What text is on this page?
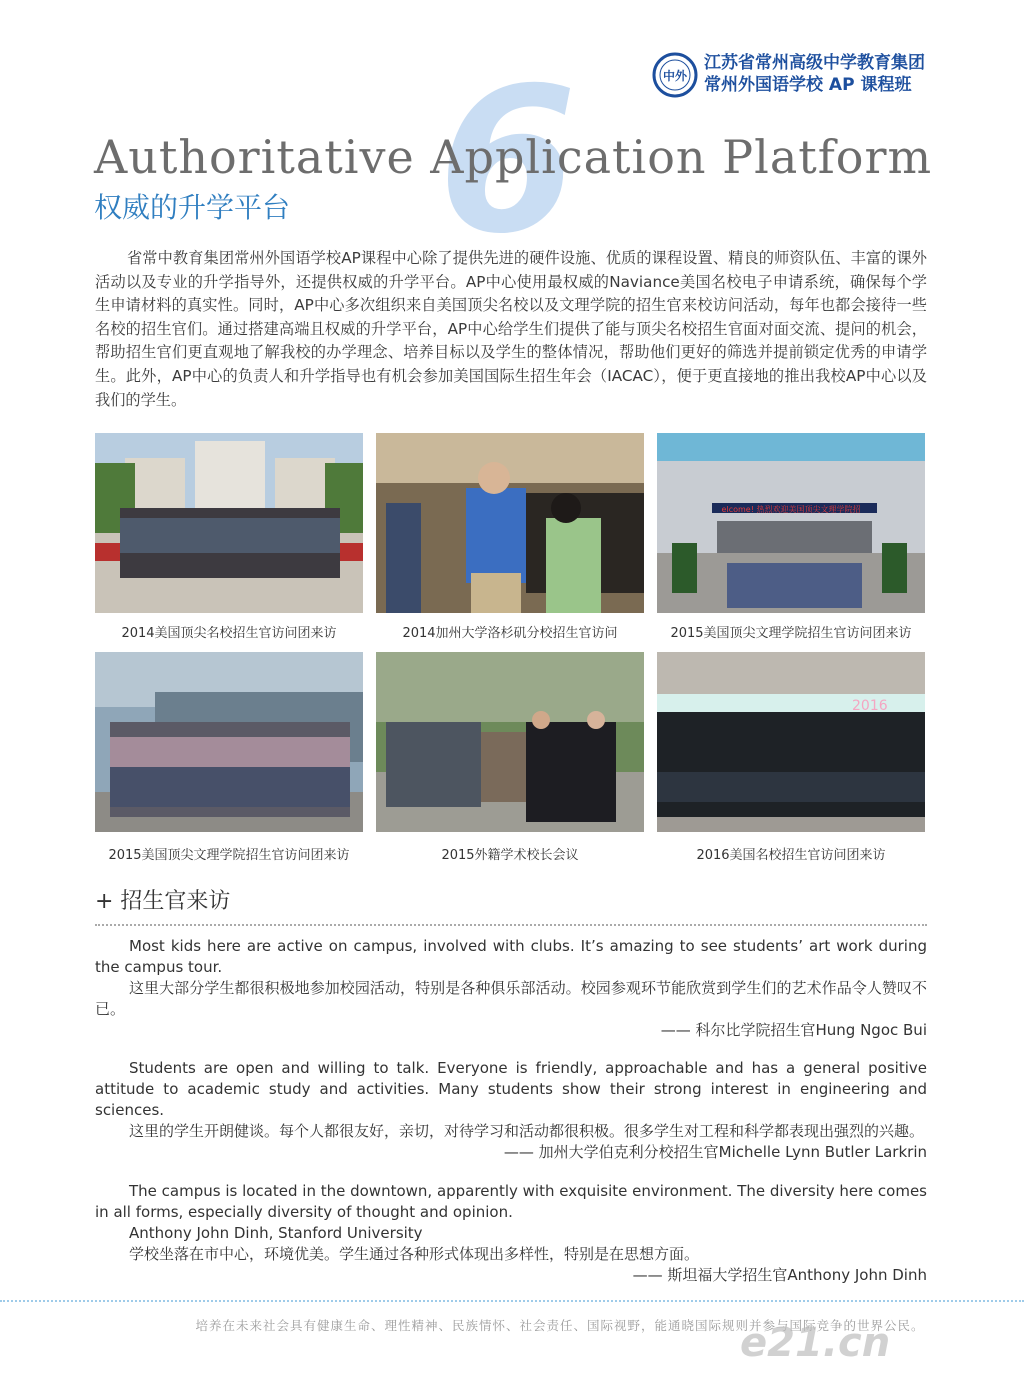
中外
江苏省常州高级中学教育集团
常州外国语学校 AP 课程班
6
Authoritative Application Platform
权威的升学平台

省常中教育集团常州外国语学校AP课程中心除了提供先进的硬件设施、优质的课程设置、精良的师资队伍、丰富的课外活动以及专业的升学指导外，还提供权威的升学平台。AP中心使用最权威的Naviance美国名校电子申请系统，确保每个学生申请材料的真实性。同时，AP中心多次组织来自美国顶尖名校以及文理学院的招生官来校访问活动，每年也都会接待一些名校的招生官们。通过搭建高端且权威的升学平台，AP中心给学生们提供了能与顶尖名校招生官面对面交流、提问的机会，帮助招生官们更直观地了解我校的办学理念、培养目标以及学生的整体情况，帮助他们更好的筛选并提前锁定优秀的申请学生。此外，AP中心的负责人和升学指导也有机会参加美国国际生招生年会（IACAC），便于更直接地的推出我校AP中心以及我们的学生。

elcome! 热烈欢迎美国顶尖文理学院招
2014美国顶尖名校招生官访问团来访	2014加州大学洛杉矶分校招生官访问	2015美国顶尖文理学院招生官访问团来访
2016
2015美国顶尖文理学院招生官访问团来访	2015外籍学术校长会议	2016美国名校招生官访问团来访
+ 招生官来访

Most kids here are active on campus, involved with clubs. It’s amazing to see students’ art work during the campus tour.

这里大部分学生都很积极地参加校园活动，特别是各种俱乐部活动。校园参观环节能欣赏到学生们的艺术作品令人赞叹不已。

—— 科尔比学院招生官Hung Ngoc Bui

Students are open and willing to talk. Everyone is friendly, approachable and has a general positive attitude to academic study and activities. Many students show their strong interest in engineering and sciences.

这里的学生开朗健谈。每个人都很友好，亲切，对待学习和活动都很积极。很多学生对工程和科学都表现出强烈的兴趣。

—— 加州大学伯克利分校招生官Michelle Lynn Butler Larkrin

The campus is located in the downtown, apparently with exquisite environment. The diversity here comes in all forms, especially diversity of thought and opinion.

Anthony John Dinh, Stanford University

学校坐落在市中心，环境优美。学生通过各种形式体现出多样性，特别是在思想方面。

—— 斯坦福大学招生官Anthony John Dinh

培养在未来社会具有健康生命、理性精神、民族情怀、社会责任、国际视野，能通晓国际规则并参与国际竞争的世界公民。
e21.cn
